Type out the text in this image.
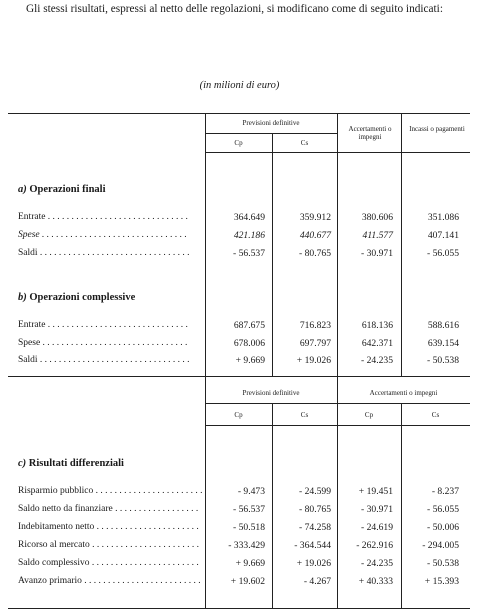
Gli stessi risultati, espressi al netto delle regolazioni, si modificano come di seguito indicati:
(in milioni di euro)
Previsioni definitive
Cp	Cs
Accertamenti o impegni
Incassi o pagamenti
a) Operazioni finali
Entrate . . . . . . . . . . . . . . . . . . . . . . . . . . . . . .	364.649	359.912	380.606	351.086
Spese . . . . . . . . . . . . . . . . . . . . . . . . . . . . . . .	421.186	440.677	411.577	407.141
Saldi . . . . . . . . . . . . . . . . . . . . . . . . . . . . . . . .	- 56.537	- 80.765	- 30.971	- 56.055
b) Operazioni complessive
Entrate . . . . . . . . . . . . . . . . . . . . . . . . . . . . . .	687.675	716.823	618.136	588.616
Spese . . . . . . . . . . . . . . . . . . . . . . . . . . . . . . .	678.006	697.797	642.371	639.154
Saldi . . . . . . . . . . . . . . . . . . . . . . . . . . . . . . . .	+ 9.669	+ 19.026	- 24.235	- 50.538
Previsioni definitive	Accertamenti o impegni
Cp	Cs	Cp	Cs
c) Risultati differenziali
Risparmio pubblico . . . . . . . . . . . . . . . . . . . . . . .	- 9.473	- 24.599	+ 19.451	- 8.237
Saldo netto da finanziare . . . . . . . . . . . . . . . . . .	- 56.537	- 80.765	- 30.971	- 56.055
Indebitamento netto . . . . . . . . . . . . . . . . . . . . . .	- 50.518	- 74.258	- 24.619	- 50.006
Ricorso al mercato . . . . . . . . . . . . . . . . . . . . . . .	- 333.429	- 364.544	- 262.916	- 294.005
Saldo complessivo . . . . . . . . . . . . . . . . . . . . . . .	+ 9.669	+ 19.026	- 24.235	- 50.538
Avanzo primario . . . . . . . . . . . . . . . . . . . . . . . . .	+ 19.602	- 4.267	+ 40.333	+ 15.393
